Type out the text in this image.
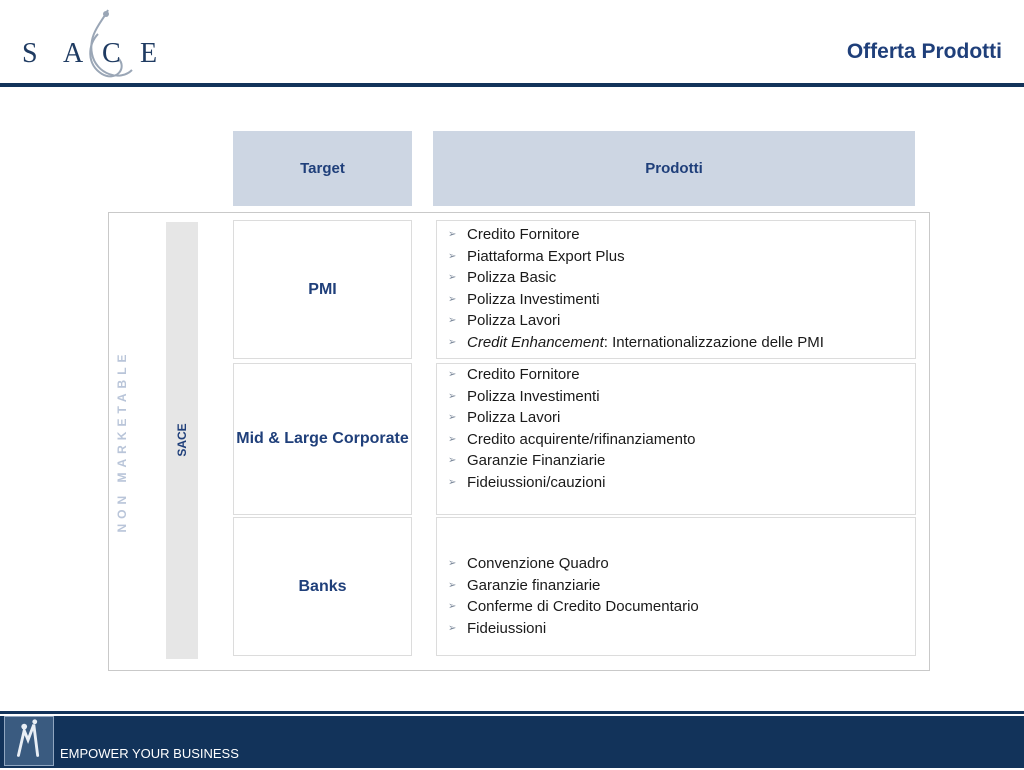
S A C E	Offerta Prodotti
Target	Prodotti
NON MARKETABLE	SACE
PMI
➢ Credito Fornitore
➢ Piattaforma Export Plus
➢ Polizza Basic
➢ Polizza Investimenti
➢ Polizza Lavori
➢ Credit Enhancement: Internationalizzazione delle PMI
Mid & Large Corporate
➢ Credito Fornitore
➢ Polizza Investimenti
➢ Polizza Lavori
➢ Credito acquirente/rifinanziamento
➢ Garanzie Finanziarie
➢ Fideiussioni/cauzioni
Banks
➢ Convenzione Quadro
➢ Garanzie finanziarie
➢ Conferme di Credito Documentario
➢ Fideiussioni
EMPOWER YOUR BUSINESS
